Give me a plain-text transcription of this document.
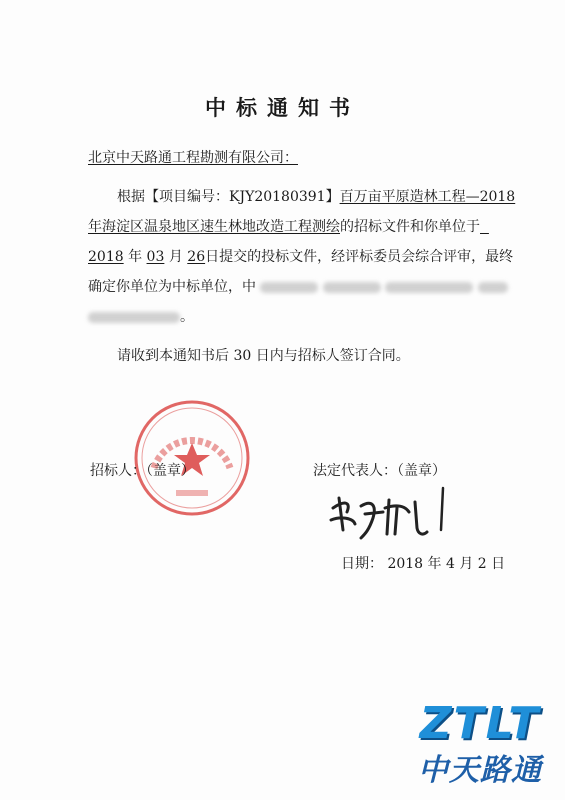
中标通知书
北京中天路通工程勘测有限公司：
根据【项目编号：KJY20180391】百万亩平原造林工程—2018
年海淀区温泉地区速生林地改造工程测绘的招标文件和你单位于
2018 年 03 月 26日提交的投标文件，经评标委员会综合评审，最终
确定你单位为中标单位，中
。
请收到本通知书后 30 日内与招标人签订合同。
招标人：（盖章）	法定代表人：（盖章）
日期： 2018 年 4 月 2 日
ZTLT
中天路通
